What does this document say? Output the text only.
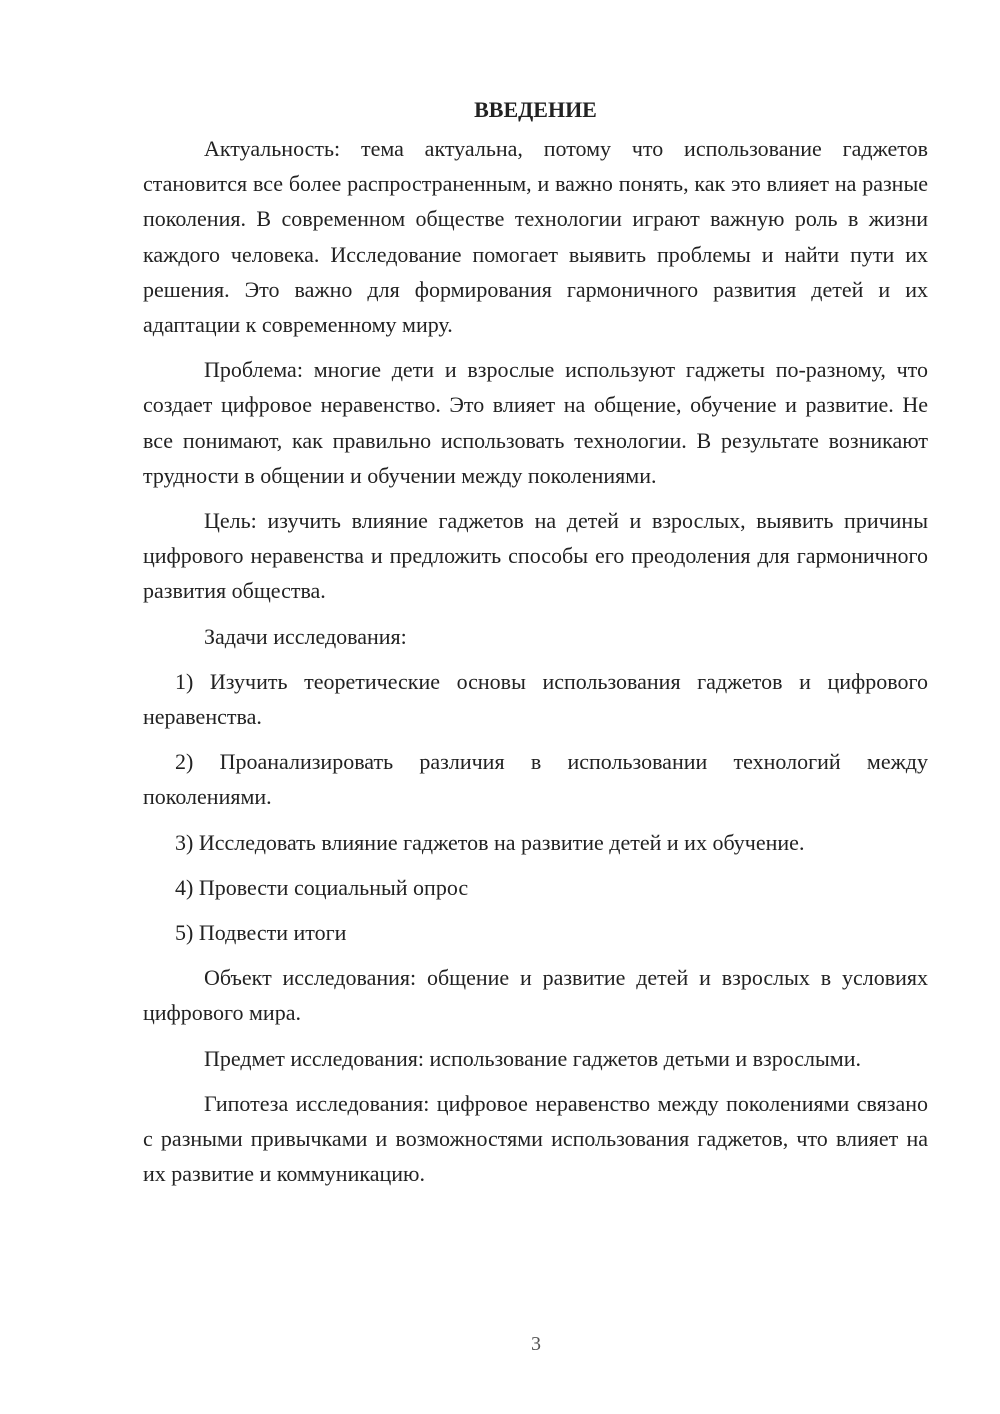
ВВЕДЕНИЕ

Актуальность: тема актуальна, потому что использование гаджетов становится все более распространенным, и важно понять, как это влияет на разные поколения. В современном обществе технологии играют важную роль в жизни каждого человека. Исследование помогает выявить проблемы и найти пути их решения. Это важно для формирования гармоничного развития детей и их адаптации к современному миру.

Проблема: многие дети и взрослые используют гаджеты по-разному, что создает цифровое неравенство. Это влияет на общение, обучение и развитие. Не все понимают, как правильно использовать технологии. В результате возникают трудности в общении и обучении между поколениями.

Цель: изучить влияние гаджетов на детей и взрослых, выявить причины цифрового неравенства и предложить способы его преодоления для гармоничного развития общества.

Задачи исследования:

1) Изучить теоретические основы использования гаджетов и цифрового неравенства.

2) Проанализировать различия в использовании технологий между поколениями.

3) Исследовать влияние гаджетов на развитие детей и их обучение.

4) Провести социальный опрос

5) Подвести итоги

Объект исследования: общение и развитие детей и взрослых в условиях цифрового мира.

Предмет исследования: использование гаджетов детьми и взрослыми.

Гипотеза исследования: цифровое неравенство между поколениями связано с разными привычками и возможностями использования гаджетов, что влияет на их развитие и коммуникацию.

3
